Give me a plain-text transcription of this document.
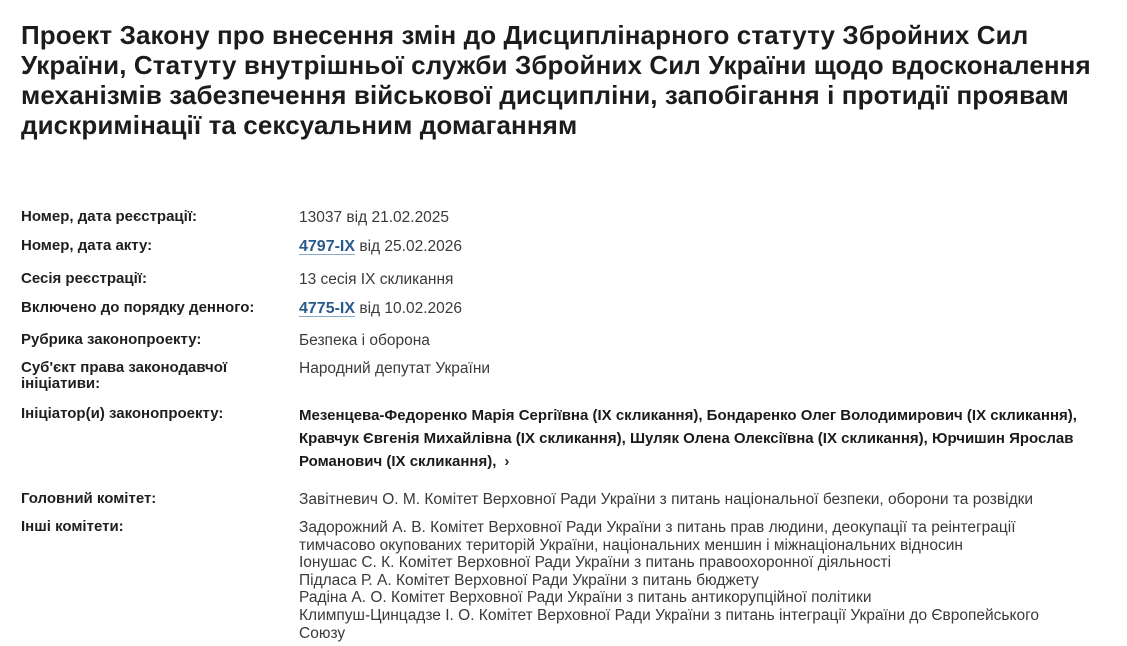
Проект Закону про внесення змін до Дисциплінарного статуту Збройних Сил України, Статуту внутрішньої служби Збройних Сил України щодо вдосконалення механізмів забезпечення військової дисципліни, запобігання і протидії проявам дискримінації та сексуальним домаганням
Номер, дата реєстрації:	13037 від 21.02.2025
Номер, дата акту:	4797-IX від 25.02.2026
Сесія реєстрації:	13 сесія IX скликання
Включено до порядку денного:	4775-IX від 10.02.2026
Рубрика законопроекту:	Безпека і оборона
Суб'єкт права законодавчої ініціативи:
Народний депутат України
Ініціатор(и) законопроекту:	Мезенцева-Федоренко Марія Сергіївна (IX скликання), Бондаренко Олег Володимирович (IX скликання), Кравчук Євгенія Михайлівна (IX скликання), Шуляк Олена Олексіївна (IX скликання), Юрчишин Ярослав Романович (IX скликання), ›
Головний комітет:	Завітневич О. М. Комітет Верховної Ради України з питань національної безпеки, оборони та розвідки
Інші комітети:	Задорожний А. В. Комітет Верховної Ради України з питань прав людини, деокупації та реінтеграції
тимчасово окупованих територій України, національних меншин і міжнаціональних відносин
Іонушас С. К. Комітет Верховної Ради України з питань правоохоронної діяльності
Підласа Р. А. Комітет Верховної Ради України з питань бюджету
Радіна А. О. Комітет Верховної Ради України з питань антикорупційної політики
Климпуш-Цинцадзе І. О. Комітет Верховної Ради України з питань інтеграції України до Європейського
Союзу
